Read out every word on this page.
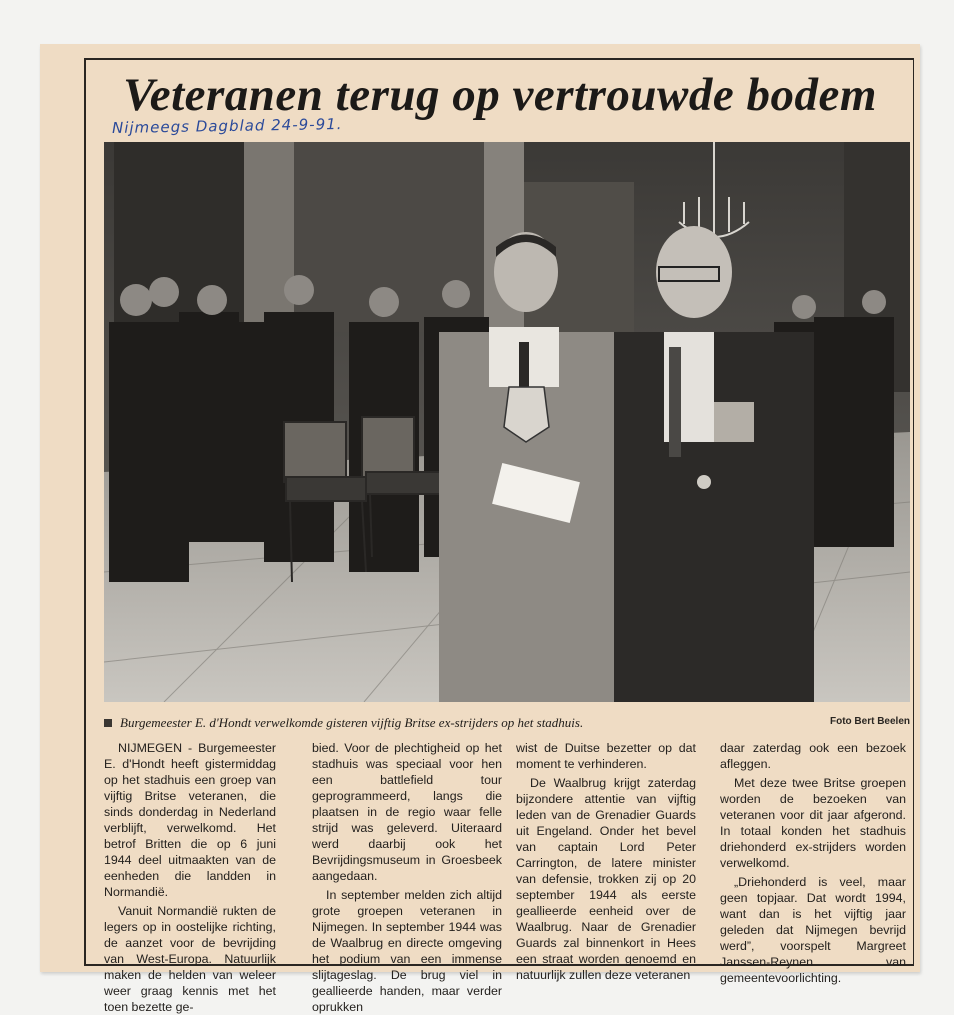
Veteranen terug op vertrouwde bodem
Nijmeegs Dagblad 24-9-91.
Burgemeester E. d'Hondt verwelkomde gisteren vijftig Britse ex-strijders op het stadhuis.	Foto Bert Beelen

NIJMEGEN - Burgemeester E. d'Hondt heeft gistermiddag op het stadhuis een groep van vijftig Britse veteranen, die sinds donderdag in Nederland verblijft, verwelkomd. Het betrof Britten die op 6 juni 1944 deel uitmaakten van de eenheden die landden in Normandië.

Vanuit Normandië rukten de legers op in oostelijke richting, de aanzet voor de bevrijding van West-Europa. Natuurlijk maken de helden van weleer weer graag kennis met het toen bezette ge-

bied. Voor de plechtigheid op het stadhuis was speciaal voor hen een battlefield tour geprogrammeerd, langs die plaatsen in de regio waar felle strijd was geleverd. Uiteraard werd daarbij ook het Bevrijdingsmuseum in Groesbeek aangedaan.

In september melden zich altijd grote groepen veteranen in Nijmegen. In september 1944 was de Waalbrug en directe omgeving het podium van een immense slijtageslag. De brug viel in geallieerde handen, maar verder oprukken

wist de Duitse bezetter op dat moment te verhinderen.

De Waalbrug krijgt zaterdag bijzondere attentie van vijftig leden van de Grenadier Guards uit Engeland. Onder het bevel van captain Lord Peter Carrington, de latere minister van defensie, trokken zij op 20 september 1944 als eerste geallieerde eenheid over de Waalbrug. Naar de Grenadier Guards zal binnenkort in Hees een straat worden genoemd en natuurlijk zullen deze veteranen

daar zaterdag ook een bezoek afleggen.

Met deze twee Britse groepen worden de bezoeken van veteranen voor dit jaar afgerond. In totaal konden het stadhuis driehonderd ex-strijders worden verwelkomd.

„Driehonderd is veel, maar geen topjaar. Dat wordt 1994, want dan is het vijftig jaar geleden dat Nijmegen bevrijd werd”, voorspelt Margreet Janssen-Reynen van gemeentevoorlichting.
